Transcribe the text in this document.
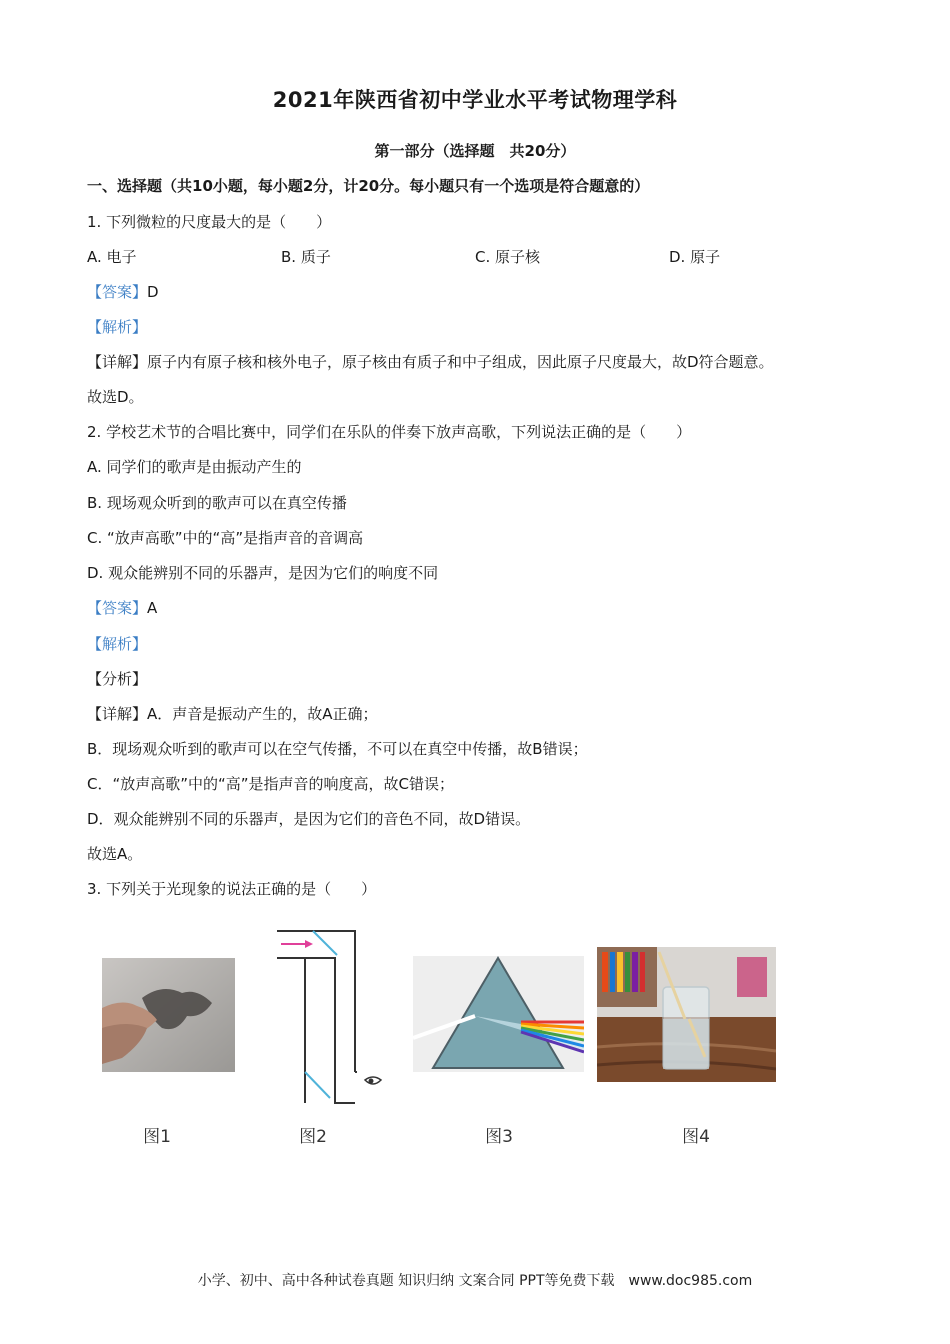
2021年陕西省初中学业水平考试物理学科
第一部分（选择题　共20分）
一、选择题（共10小题，每小题2分，计20分。每小题只有一个选项是符合题意的）
1. 下列微粒的尺度最大的是（　　）
A. 电子	B. 质子	C. 原子核	D. 原子
【答案】D
【解析】
【详解】原子内有原子核和核外电子，原子核由有质子和中子组成，因此原子尺度最大，故D符合题意。
故选D。
2. 学校艺术节的合唱比赛中，同学们在乐队的伴奏下放声高歌，下列说法正确的是（　　）
A. 同学们的歌声是由振动产生的
B. 现场观众听到的歌声可以在真空传播
C. “放声高歌”中的“高”是指声音的音调高
D. 观众能辨别不同的乐器声，是因为它们的响度不同
【答案】A
【解析】
【分析】
【详解】A．声音是振动产生的，故A正确；
B．现场观众听到的歌声可以在空气传播，不可以在真空中传播，故B错误；
C．“放声高歌”中的“高”是指声音的响度高，故C错误；
D．观众能辨别不同的乐器声，是因为它们的音色不同，故D错误。
故选A。
3. 下列关于光现象的说法正确的是（　　）
图1	图2	图3	图4
小学、初中、高中各种试卷真题 知识归纳 文案合同 PPT等免费下载　www.doc985.com
